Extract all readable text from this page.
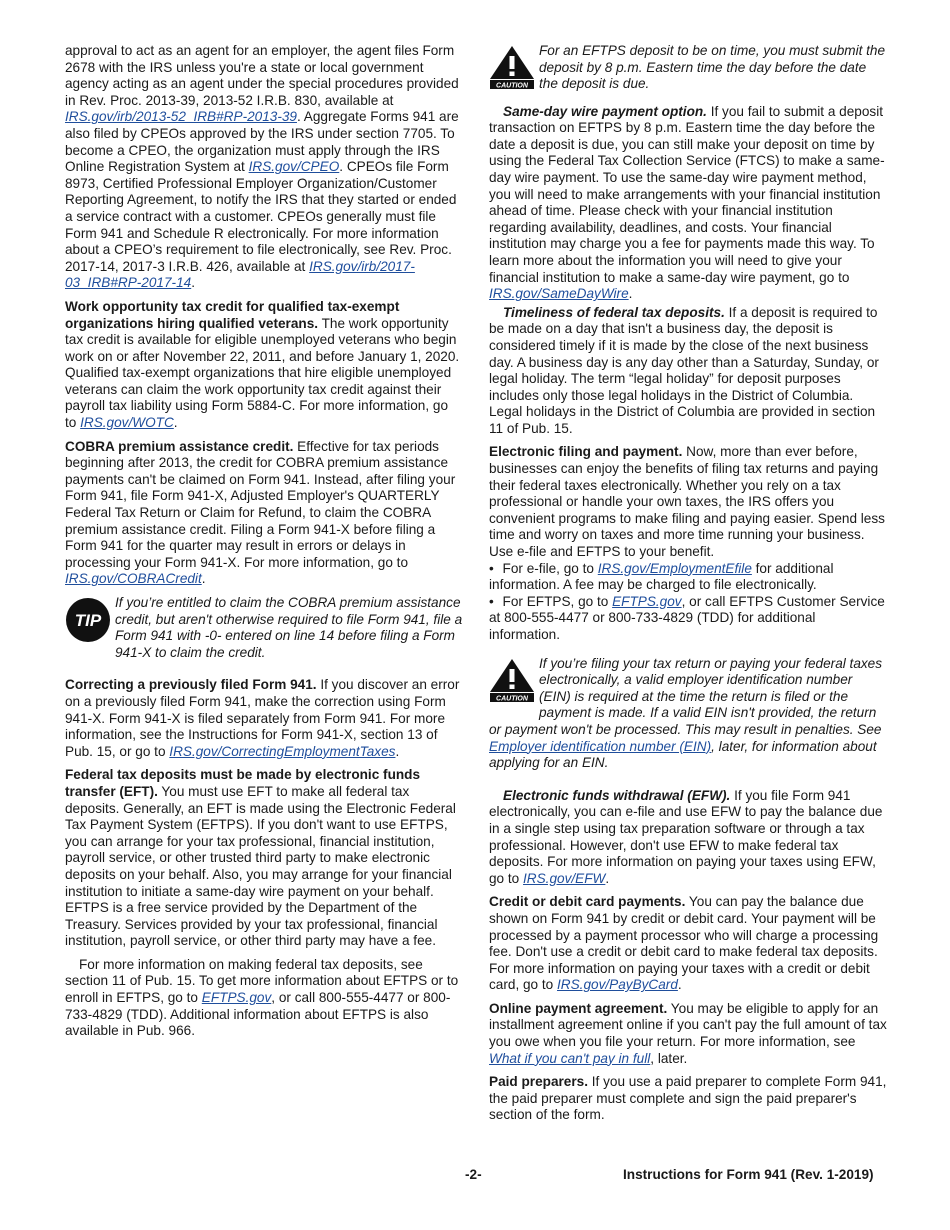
approval to act as an agent for an employer, the agent files Form 2678 with the IRS unless you're a state or local government agency acting as an agent under the special procedures provided in Rev. Proc. 2013-39, 2013-52 I.R.B. 830, available at IRS.gov/irb/2013-52_IRB#RP-2013-39. Aggregate Forms 941 are also filed by CPEOs approved by the IRS under section 7705. To become a CPEO, the organization must apply through the IRS Online Registration System at IRS.gov/CPEO. CPEOs file Form 8973, Certified Professional Employer Organization/Customer Reporting Agreement, to notify the IRS that they started or ended a service contract with a customer. CPEOs generally must file Form 941 and Schedule R electronically. For more information about a CPEO’s requirement to file electronically, see Rev. Proc. 2017-14, 2017-3 I.R.B. 426, available at IRS.gov/irb/2017-03_IRB#RP-2017-14.

Work opportunity tax credit for qualified tax-exempt organizations hiring qualified veterans. The work opportunity tax credit is available for eligible unemployed veterans who begin work on or after November 22, 2011, and before January 1, 2020. Qualified tax-exempt organizations that hire eligible unemployed veterans can claim the work opportunity tax credit against their payroll tax liability using Form 5884-C. For more information, go to IRS.gov/WOTC.

COBRA premium assistance credit. Effective for tax periods beginning after 2013, the credit for COBRA premium assistance payments can't be claimed on Form 941. Instead, after filing your Form 941, file Form 941-X, Adjusted Employer's QUARTERLY Federal Tax Return or Claim for Refund, to claim the COBRA premium assistance credit. Filing a Form 941-X before filing a Form 941 for the quarter may result in errors or delays in processing your Form 941-X. For more information, go to IRS.gov/COBRACredit.

TIP
If you’re entitled to claim the COBRA premium assistance credit, but aren't otherwise required to file Form 941, file a Form 941 with -0- entered on line 14 before filing a Form 941-X to claim the credit.

Correcting a previously filed Form 941. If you discover an error on a previously filed Form 941, make the correction using Form 941-X. Form 941-X is filed separately from Form 941. For more information, see the Instructions for Form 941-X, section 13 of Pub. 15, or go to IRS.gov/CorrectingEmploymentTaxes.

Federal tax deposits must be made by electronic funds transfer (EFT). You must use EFT to make all federal tax deposits. Generally, an EFT is made using the Electronic Federal Tax Payment System (EFTPS). If you don't want to use EFTPS, you can arrange for your tax professional, financial institution, payroll service, or other trusted third party to make electronic deposits on your behalf. Also, you may arrange for your financial institution to initiate a same-day wire payment on your behalf. EFTPS is a free service provided by the Department of the Treasury. Services provided by your tax professional, financial institution, payroll service, or other third party may have a fee.

For more information on making federal tax deposits, see section 11 of Pub. 15. To get more information about EFTPS or to enroll in EFTPS, go to EFTPS.gov, or call 800-555-4477 or 800-733-4829 (TDD). Additional information about EFTPS is also available in Pub. 966.

CAUTION
For an EFTPS deposit to be on time, you must submit the deposit by 8 p.m. Eastern time the day before the date the deposit is due.

Same-day wire payment option. If you fail to submit a deposit transaction on EFTPS by 8 p.m. Eastern time the day before the date a deposit is due, you can still make your deposit on time by using the Federal Tax Collection Service (FTCS) to make a same-day wire payment. To use the same-day wire payment method, you will need to make arrangements with your financial institution ahead of time. Please check with your financial institution regarding availability, deadlines, and costs. Your financial institution may charge you a fee for payments made this way. To learn more about the information you will need to give your financial institution to make a same-day wire payment, go to IRS.gov/SameDayWire.

Timeliness of federal tax deposits. If a deposit is required to be made on a day that isn't a business day, the deposit is considered timely if it is made by the close of the next business day. A business day is any day other than a Saturday, Sunday, or legal holiday. The term “legal holiday” for deposit purposes includes only those legal holidays in the District of Columbia. Legal holidays in the District of Columbia are provided in section 11 of Pub. 15.

Electronic filing and payment. Now, more than ever before, businesses can enjoy the benefits of filing tax returns and paying their federal taxes electronically. Whether you rely on a tax professional or handle your own taxes, the IRS offers you convenient programs to make filing and paying easier. Spend less time and worry on taxes and more time running your business. Use e-file and EFTPS to your benefit.

• For e-file, go to IRS.gov/EmploymentEfile for additional information. A fee may be charged to file electronically.

• For EFTPS, go to EFTPS.gov, or call EFTPS Customer Service at 800-555-4477 or 800-733-4829 (TDD) for additional information.

CAUTION
If you’re filing your tax return or paying your federal taxes electronically, a valid employer identification number (EIN) is required at the time the return is filed or the payment is made. If a valid EIN isn't provided, the return or payment won't be processed. This may result in penalties. See Employer identification number (EIN), later, for information about applying for an EIN.

Electronic funds withdrawal (EFW). If you file Form 941 electronically, you can e-file and use EFW to pay the balance due in a single step using tax preparation software or through a tax professional. However, don't use EFW to make federal tax deposits. For more information on paying your taxes using EFW, go to IRS.gov/EFW.

Credit or debit card payments. You can pay the balance due shown on Form 941 by credit or debit card. Your payment will be processed by a payment processor who will charge a processing fee. Don't use a credit or debit card to make federal tax deposits. For more information on paying your taxes with a credit or debit card, go to IRS.gov/PayByCard.

Online payment agreement. You may be eligible to apply for an installment agreement online if you can't pay the full amount of tax you owe when you file your return. For more information, see What if you can't pay in full, later.

Paid preparers. If you use a paid preparer to complete Form 941, the paid preparer must complete and sign the paid preparer's section of the form.

-2-	Instructions for Form 941 (Rev. 1-2019)
